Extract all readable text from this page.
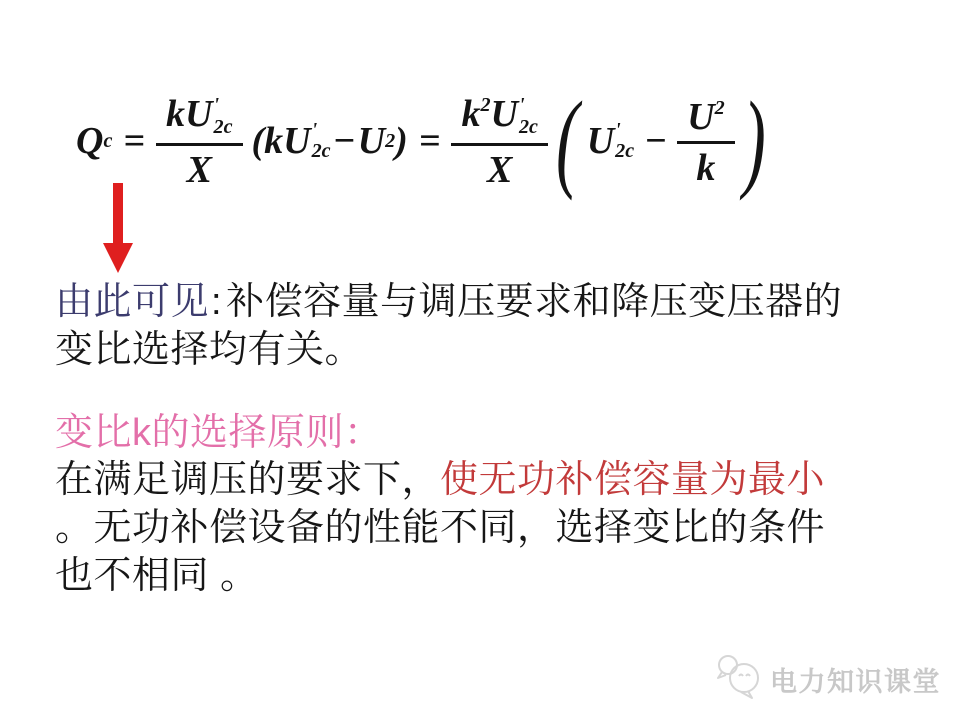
Q c = kU '
2c
X ( kU '
2c − U 2 ) = k 2 U '
2c
X ( U '
$2c - \frac{U 2}{k}$ )
由此可见: 补偿容量与调压要求和降压变压器的
变比选择均有关。
变比k的选择原则：
在满足调压的要求下，使无功补偿容量为最小
。无功补偿设备的性能不同，选择变比的条件
也不相同 。
电力知识课堂
